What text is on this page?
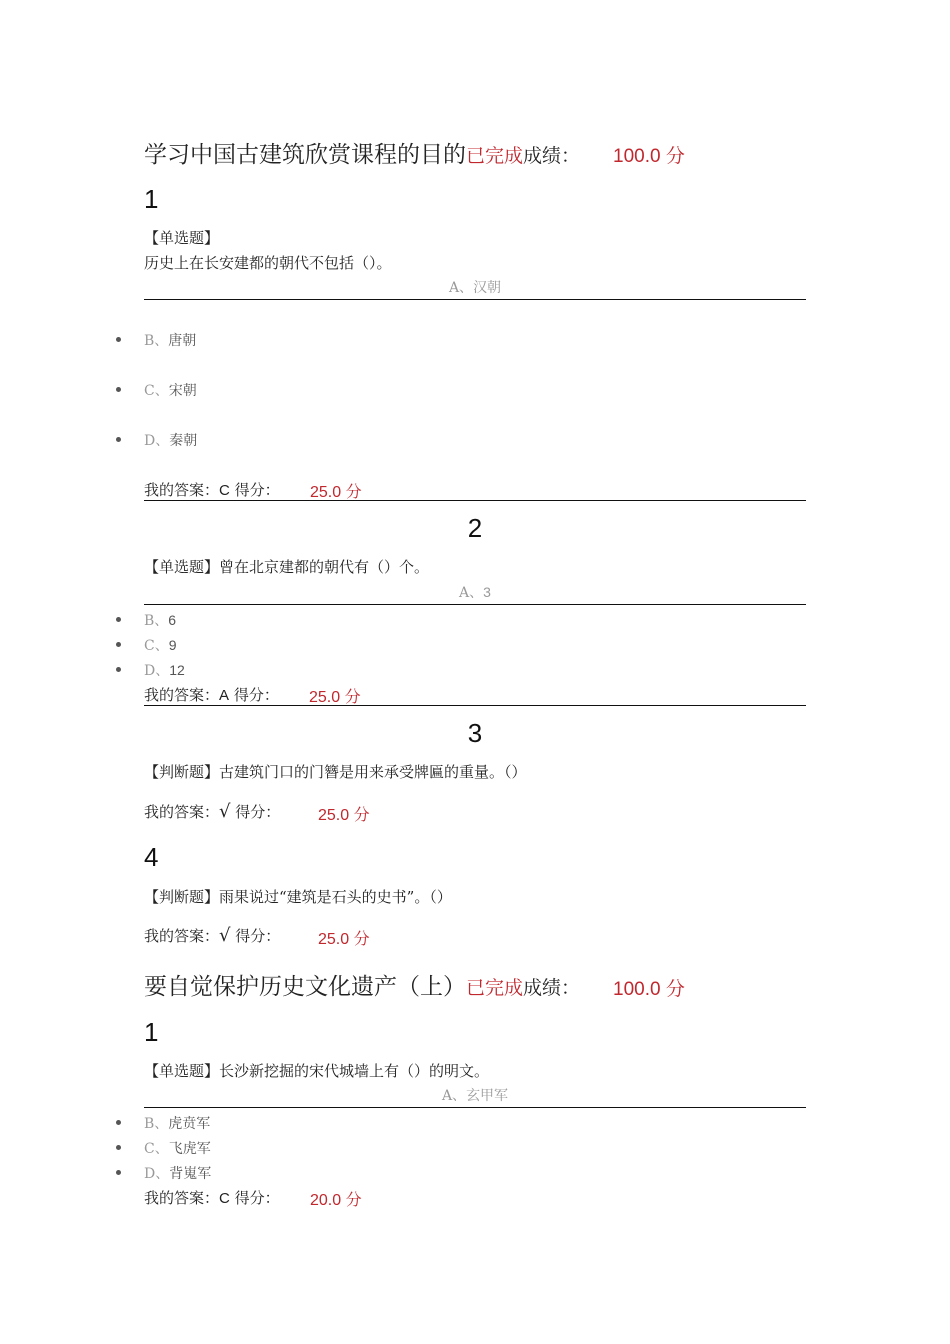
学习中国古建筑欣赏课程的目的已完成成绩： 100.0 分
1
【单选题】
历史上在长安建都的朝代不包括（）。
A、汉朝
B、唐朝
C、宋朝
D、秦朝
我的答案：C 得分： 25.0 分
2
【单选题】曾在北京建都的朝代有（）个。
A、3
B、6
C、9
D、12
我的答案：A 得分： 25.0 分
3
【判断题】古建筑门口的门簪是用来承受牌匾的重量。（）
我的答案：√ 得分： 25.0 分
4
【判断题】雨果说过“建筑是石头的史书”。（）
我的答案：√ 得分： 25.0 分
要自觉保护历史文化遗产（上）已完成成绩： 100.0 分
1
【单选题】长沙新挖掘的宋代城墙上有（）的明文。
A、玄甲军
B、虎贲军
C、飞虎军
D、背嵬军
我的答案：C 得分： 20.0 分
